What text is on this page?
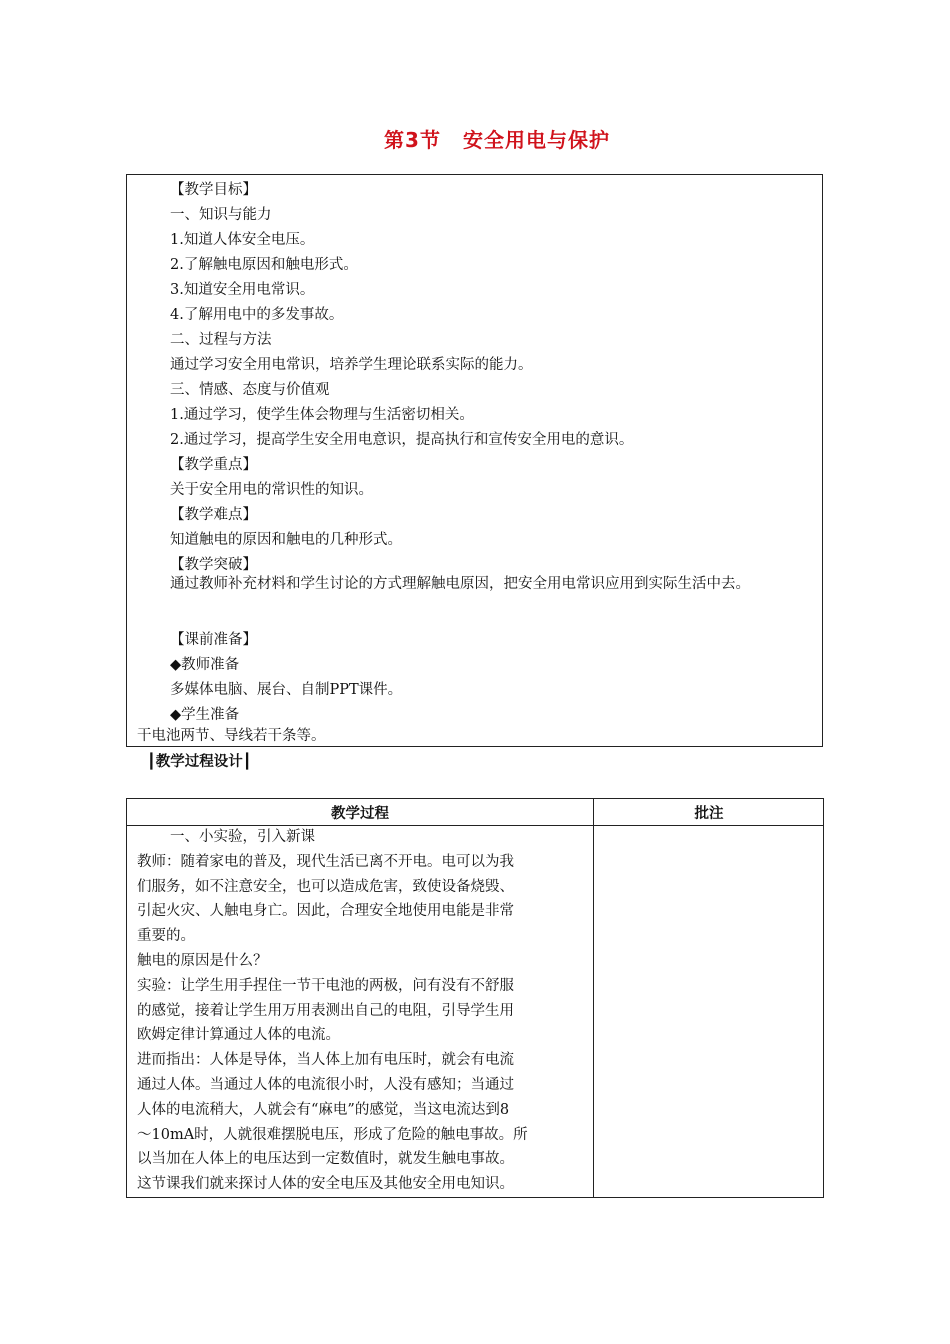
第3节 安全用电与保护
【教学目标】
一、知识与能力
1.知道人体安全电压。
2.了解触电原因和触电形式。
3.知道安全用电常识。
4.了解用电中的多发事故。
二、过程与方法
通过学习安全用电常识，培养学生理论联系实际的能力。
三、情感、态度与价值观
1.通过学习，使学生体会物理与生活密切相关。
2.通过学习，提高学生安全用电意识，提高执行和宣传安全用电的意识。
【教学重点】
关于安全用电的常识性的知识。
【教学难点】
知道触电的原因和触电的几种形式。
【教学突破】
通过教师补充材料和学生讨论的方式理解触电原因，把安全用电常识应用到实际生活中去。
【课前准备】
◆教师准备
多媒体电脑、展台、自制PPT课件。
◆学生准备
干电池两节、导线若干条等。
┃教学过程设计┃
教学过程	批注
一、小实验，引入新课
教师：随着家电的普及，现代生活已离不开电。电可以为我
们服务，如不注意安全，也可以造成危害，致使设备烧毁、
引起火灾、人触电身亡。因此，合理安全地使用电能是非常
重要的。
触电的原因是什么？
实验：让学生用手捏住一节干电池的两极，问有没有不舒服
的感觉，接着让学生用万用表测出自己的电阻，引导学生用
欧姆定律计算通过人体的电流。
进而指出：人体是导体，当人体上加有电压时，就会有电流
通过人体。当通过人体的电流很小时，人没有感知；当通过
人体的电流稍大，人就会有“麻电”的感觉，当这电流达到8
～10mA时，人就很难摆脱电压，形成了危险的触电事故。所
以当加在人体上的电压达到一定数值时，就发生触电事故。
这节课我们就来探讨人体的安全电压及其他安全用电知识。
